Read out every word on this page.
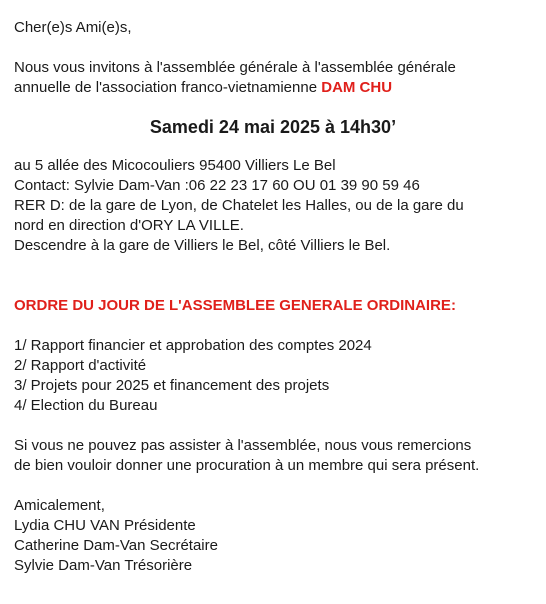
Cher(e)s Ami(e)s,
Nous vous invitons à l'assemblée générale à l'assemblée générale
annuelle de l'association franco-vietnamienne DAM CHU
Samedi 24 mai 2025 à 14h30’
au 5 allée des Micocouliers 95400 Villiers Le Bel
Contact: Sylvie Dam-Van :06 22 23 17 60 OU 01 39 90 59 46
RER D: de la gare de Lyon, de Chatelet les Halles, ou de la gare du
nord en direction d'ORY LA VILLE.
Descendre à la gare de Villiers le Bel, côté Villiers le Bel.
ORDRE DU JOUR DE L'ASSEMBLEE GENERALE ORDINAIRE:
1/ Rapport financier et approbation des comptes 2024
2/ Rapport d'activité
3/ Projets pour 2025 et financement des projets
4/ Election du Bureau
Si vous ne pouvez pas assister à l'assemblée, nous vous remercions
de bien vouloir donner une procuration à un membre qui sera présent.
Amicalement,
Lydia CHU VAN Présidente
Catherine Dam-Van Secrétaire
Sylvie Dam-Van Trésorière
